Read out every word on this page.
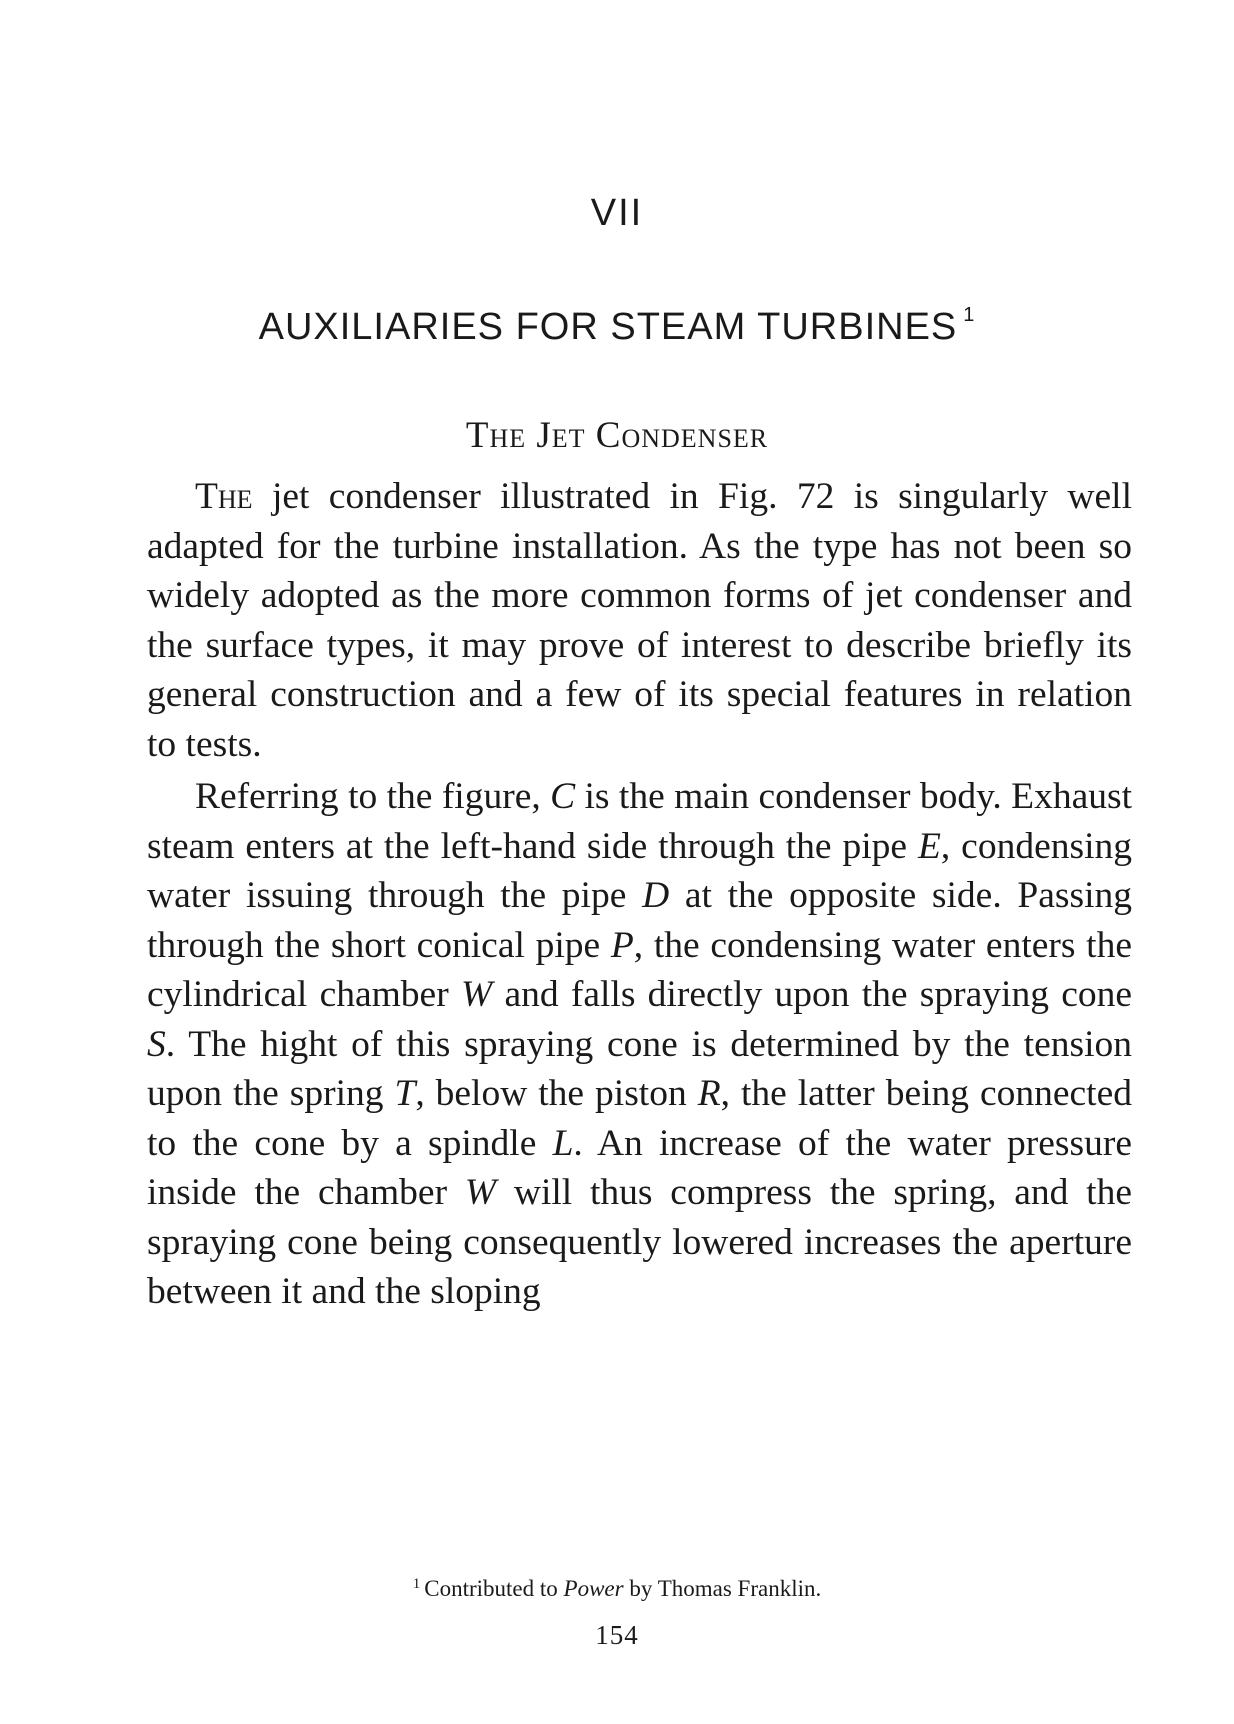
VII
AUXILIARIES FOR STEAM TURBINES $^1$
The Jet Condenser

The jet condenser illustrated in Fig. 72 is singularly well adapted for the turbine installation. As the type has not been so widely adopted as the more common forms of jet condenser and the surface types, it may prove of interest to describe briefly its general construction and a few of its special features in relation to tests.

Referring to the figure, C is the main condenser body. Exhaust steam enters at the left-hand side through the pipe E, condensing water issuing through the pipe D at the opposite side. Passing through the short conical pipe P, the condensing water enters the cylindrical chamber W and falls directly upon the spraying cone S. The hight of this spraying cone is determined by the tension upon the spring T, below the piston R, the latter being connected to the cone by a spindle L. An increase of the water pressure inside the chamber W will thus compress the spring, and the spraying cone being consequently lowered increases the aperture between it and the sloping

$^1$ Contributed to Power by Thomas Franklin.
154
